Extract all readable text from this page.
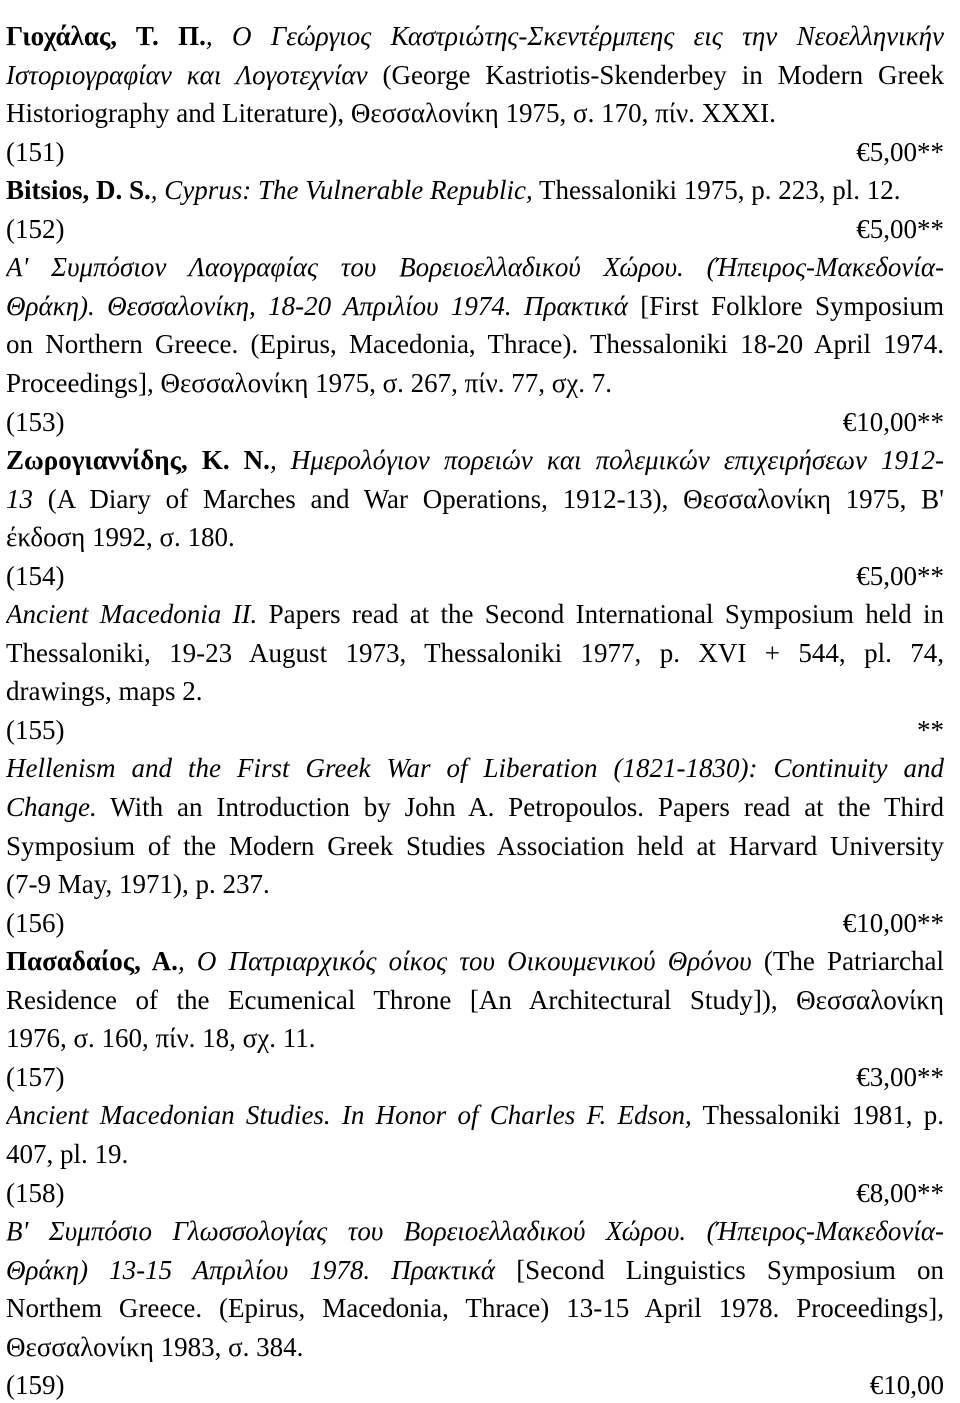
Γιοχάλας, Τ. Π., Ο Γεώργιος Καστριώτης-Σκεντέρμπεης εις την Νεοελληνικήν
Ιστοριογραφίαν και Λογοτεχνίαν (George Kastriotis-Skenderbey in Modern Greek
Historiography and Literature), Θεσσαλονίκη 1975, σ. 170, πίν. XXXI.
(151)	€5,00**
Bitsios, D. S., Cyprus: The Vulnerable Republic, Thessaloniki 1975, p. 223, pl. 12.
(152)	€5,00**
Α' Συμπόσιον Λαογραφίας του Βορειοελλαδικού Χώρου. (Ήπειρος-Μακεδονία-
Θράκη). Θεσσαλονίκη, 18-20 Απριλίου 1974. Πρακτικά [First Folklore Symposium
on Northern Greece. (Epirus, Macedonia, Thrace). Thessaloniki 18-20 April 1974.
Proceedings], Θεσσαλονίκη 1975, σ. 267, πίν. 77, σχ. 7.
(153)	€10,00**
Ζωρογιαννίδης, Κ. Ν., Ημερολόγιον πορειών και πολεμικών επιχειρήσεων 1912-
13 (A Diary of Marches and War Operations, 1912-13), Θεσσαλονίκη 1975, Β'
έκδοση 1992, σ. 180.
(154)	€5,00**
Ancient Macedonia II. Papers read at the Second International Symposium held in
Thessaloniki, 19-23 August 1973, Thessaloniki 1977, p. XVI + 544, pl. 74,
drawings, maps 2.
(155)	**
Hellenism and the First Greek War of Liberation (1821-1830): Continuity and
Change. With an Introduction by John A. Petropoulos. Papers read at the Third
Symposium of the Modern Greek Studies Association held at Harvard University
(7-9 May, 1971), p. 237.
(156)	€10,00**
Πασαδαίος, Α., Ο Πατριαρχικός οίκος του Οικουμενικού Θρόνου (The Patriarchal
Residence of the Ecumenical Throne [An Architectural Study]), Θεσσαλονίκη
1976, σ. 160, πίν. 18, σχ. 11.
(157)	€3,00**
Ancient Macedonian Studies. In Honor of Charles F. Edson, Thessaloniki 1981, p.
407, pl. 19.
(158)	€8,00**
Β' Συμπόσιο Γλωσσολογίας του Βορειοελλαδικού Χώρου. (Ήπειρος-Μακεδονία-
Θράκη) 13-15 Απριλίου 1978. Πρακτικά [Second Linguistics Symposium on
Northem Greece. (Epirus, Macedonia, Thrace) 13-15 April 1978. Proceedings],
Θεσσαλονίκη 1983, σ. 384.
(159)	€10,00
